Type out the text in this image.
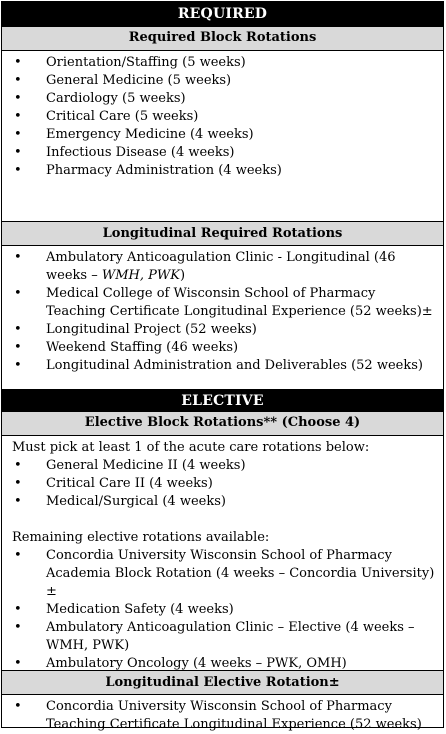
REQUIRED
Required Block Rotations
• Orientation/Staffing (5 weeks)
• General Medicine (5 weeks)
• Cardiology (5 weeks)
• Critical Care (5 weeks)
• Emergency Medicine (4 weeks)
• Infectious Disease (4 weeks)
• Pharmacy Administration (4 weeks)
Longitudinal Required Rotations
• Ambulatory Anticoagulation Clinic - Longitudinal (46 weeks – WMH, PWK)
• Medical College of Wisconsin School of Pharmacy Teaching Certificate Longitudinal Experience (52 weeks)±
• Longitudinal Project (52 weeks)
• Weekend Staffing (46 weeks)
• Longitudinal Administration and Deliverables (52 weeks)
ELECTIVE
Elective Block Rotations** (Choose 4)
Must pick at least 1 of the acute care rotations below:
• General Medicine II (4 weeks)
• Critical Care II (4 weeks)
• Medical/Surgical (4 weeks)
Remaining elective rotations available:
• Concordia University Wisconsin School of Pharmacy Academia Block Rotation (4 weeks – Concordia University)±
• Medication Safety (4 weeks)
• Ambulatory Anticoagulation Clinic – Elective (4 weeks – WMH, PWK)
• Ambulatory Oncology (4 weeks – PWK, OMH)
Longitudinal Elective Rotation±
• Concordia University Wisconsin School of Pharmacy Teaching Certificate Longitudinal Experience (52 weeks)
